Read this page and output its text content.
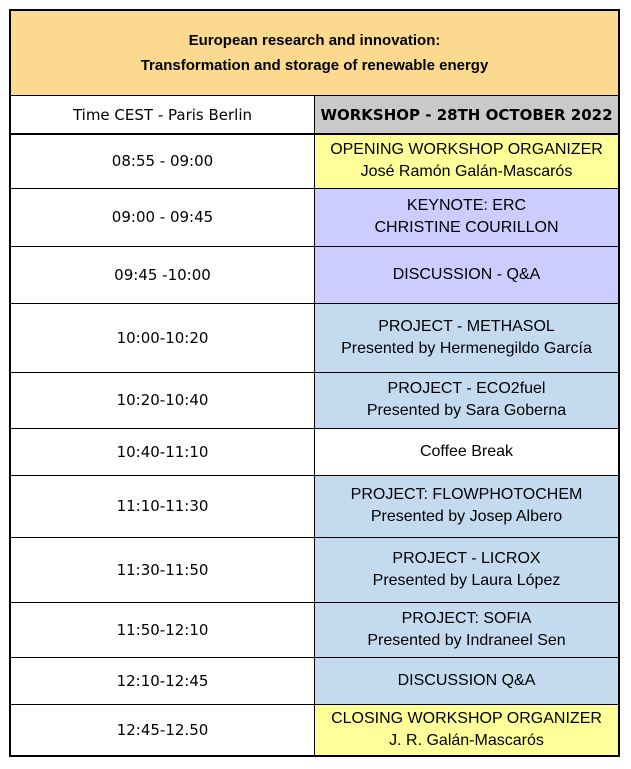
European research and innovation:
Transformation and storage of renewable energy	

Time CEST - Paris Berlin	WORKSHOP - 28TH OCTOBER 2022
08:55 - 09:00	OPENING WORKSHOP ORGANIZER
José Ramón Galán-Mascarós

09:00 - 09:45	KEYNOTE: ERC
CHRISTINE COURILLON

09:45 -10:00	DISCUSSION - Q&A

10:00-10:20	PROJECT - METHASOL
Presented by Hermenegildo García

10:20-10:40	PROJECT - ECO2fuel
Presented by Sara Goberna

10:40-11:10	Coffee Break

11:10-11:30	PROJECT: FLOWPHOTOCHEM
Presented by Josep Albero

11:30-11:50	PROJECT - LICROX
Presented by Laura López

11:50-12:10	PROJECT: SOFIA
Presented by Indraneel Sen

12:10-12:45	DISCUSSION Q&A

12:45-12.50	CLOSING WORKSHOP ORGANIZER
J. R. Galán-Mascarós
